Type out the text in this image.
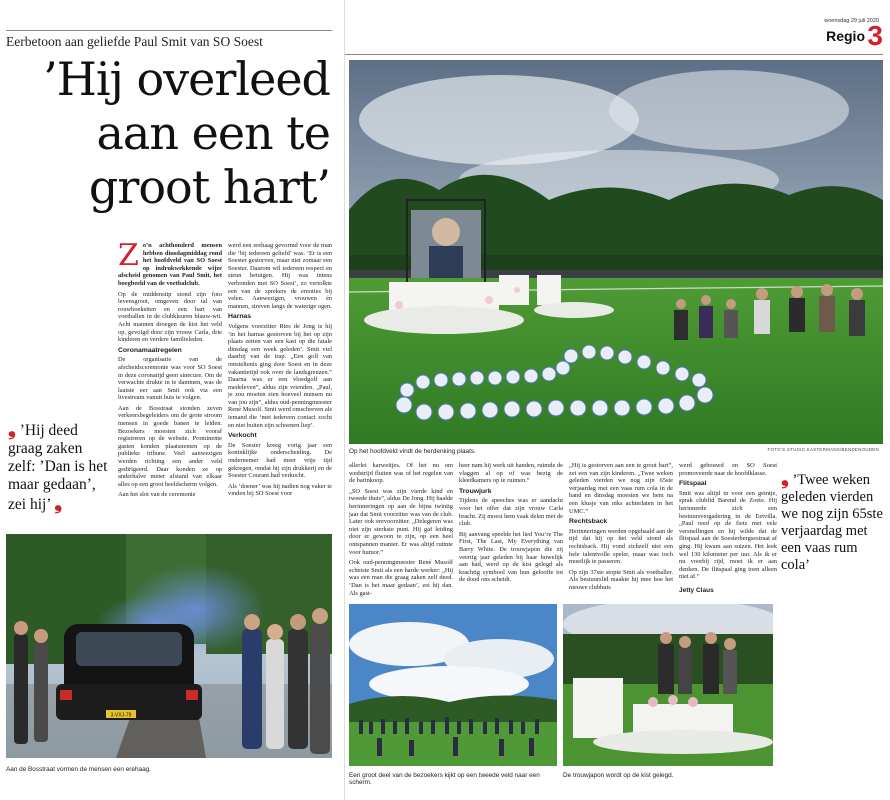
Eerbetoon aan geliefde Paul Smit van SO Soest
’Hij overleed aan een te groot hart’
Z o’n achthonderd mensen hebben dinsdagmiddag rond het hoofdveld van SO Soest op indrukwekkende wijze afscheid genomen van Paul Smit, het boegbeeld van de voetbalclub.

Op de middenstip stond zijn foto levensgroot, omgeven door tal van rouwboeketten en een hart van voetballen in de clubkleuren blauw-wit. Acht mannen droegen de kist het veld op, gevolgd door zijn vrouw Carla, drie kinderen en verdere familieleden.

Coronamaatregelen

De organisatie van de afscheidsceremonie was voor SO Soest in deze coronatijd geen sinecure. Om de verwachte drukte in te dammen, was de laatste eer aan Smit ook via een livestream vanuit huis te volgen.

Aan de Bosstraat stonden zeven verkeersbegeleiders om de grote stroom mensen in goede banen te leiden. Bezoekers moesten zich vooraf registreren op de website. Prominente gasten konden plaatsnemen op de publieke tribune. Veel aanwezigen werden richting een ander veld gedirigeerd. Daar konden ze op anderhalve meter afstand van elkaar alles op een groot beeldscherm volgen.

Aan het slot van de ceremonie

werd een erehaag gevormd voor de man die ‘bij iedereen geliefd’ was. ‘Er is een Soester gestorven, maar niet zomaar een Soester. Daarom wil iedereen respect en steun betuigen. Hij was intens verbonden met SO Soest’, zo vertolkte een van de sprekers de emoties bij velen. Aanwezigen, vrouwen én mannen, streven langs de waterige ogen.

Harnas

Volgens voorzitter Ries de Jong is hij ‘in het harnas gestorven bij het op zijn plaats zetten van een kast op die fatale dinsdag een week geleden’. Smit viel daarbij van de trap. „Een golf van ontsteltenis ging door Soest en in deze vakantietijd ook over de landsgrenzen.” Daarna was er een vloedgolf aan medeleven”, aldus zijn vrienden. „Paul, je zou moeten zien hoeveel mensen nu van jou zijn”, aldus oud-penningmeester René Musolf. Smit werd omschreven als iemand die ‘met iedereen contact zocht en niet buiten zijn schoenen liep’.

Verkocht

De Soester kreeg vorig jaar een koninklijke onderscheiding. De ondernemer had meer vrije tijd gekregen, omdat hij zijn drukkerij en de Soester Courant had verkocht.

Als ‘doener’ was hij nadien nog vaker te vinden bij SO Soest voor

❟ ’Hij deed graag zaken zelf: ’Dan is het maar gedaan’, zei hij’ ❟
3-VXJ-79
Aan de Bosstraat vormen de mensen een erehaag.
woensdag 29 juli 2020
Regio 3
Op het hoofdveld vindt de herdenking plaats.	FOTO’S STUDIO KASTERMANS/BENDENOUDEN

allerlei karweitjes. Of het nu om wedstrijd fluiten was of het regelen van de barinkoop.

„SO Soest was zijn vierde kind en tweede thuis”, aldus De Jong. Hij haalde herinneringen op aan de bijna twintig jaar dat Smit voorzitter was van de club. Later ook erevoorzitter. „Delegeren was niet zijn sterkste punt. Hij gaf leiding door er gewoon te zijn, op een heel ontspannen manier. Er was altijd ruimte voor humor.”

Ook oud-penningmeester René Musolf schetste Smit als een harde werker: „Hij was een man die graag zaken zelf deed. ‘Dan is het maar gedaan’, zei hij dan. Als gast-

heer nam hij werk uit handen, ruimde de vlaggen al op of was bezig de kleedkamers op te ruimen.”

Trouwjurk

Tijdens de speeches was er aandacht voor het offer dat zijn vrouw Carla bracht. Zij moest hem vaak delen met de club.

Bij aanvang speelde het lied You’re The First, The Last, My Everything van Barry White. De trouwjapon die zij veertig jaar geleden bij haar huwelijk aan had, werd op de kist gelegd als krachtig symbool van hun geloofte tot de dood ons scheidt.

„Hij is gestorven aan een te groot hart”, zei een van zijn kinderen. „Twee weken geleden vierden we nog zijn 65ste verjaardag met een vaas rum cola in de hand en dinsdag moesten we hem na een klusje van niks achterlaten in het UMC.”

Rechtsback

Herinneringen werden opgehaald aan de tijd dat hij op het veld stond als rechtsback. Hij vond zichzelf niet een hele talentvolle speler, maar was toch moeilijk te passeren.

Op zijn 37ste stopte Smit als voetballer. Als bestuurslid maakte hij mee hoe het nieuwe clubhuis

werd gebouwd en SO Soest promoveerde naar de hoofdklasse.

Flitspaal

Smit was altijd in voor een geintje, sprak clubfid Barend de Zoete. Hij herinnerde zich een bestuursvergadering in de Eetvilla. „Paul reed op de fiets met vele versnellingen en hij wilde dat de flitspaal aan de Soesterbergsestraat af ging. Hij kwam aan suizen. Het leek wel 130 kilometer per uur. Als ik er nu voorbij rijd, moet ik er aan denken. De flitspaal ging toen alleen niet af.”

Jetty Claus
❟ ’Twee weken geleden vierden we nog zijn 65ste verjaardag met een vaas rum cola’
Een groot deel van de bezoekers kijkt op een tweede veld naar een scherm.
De trouwjapon wordt op de kist gelegd.
